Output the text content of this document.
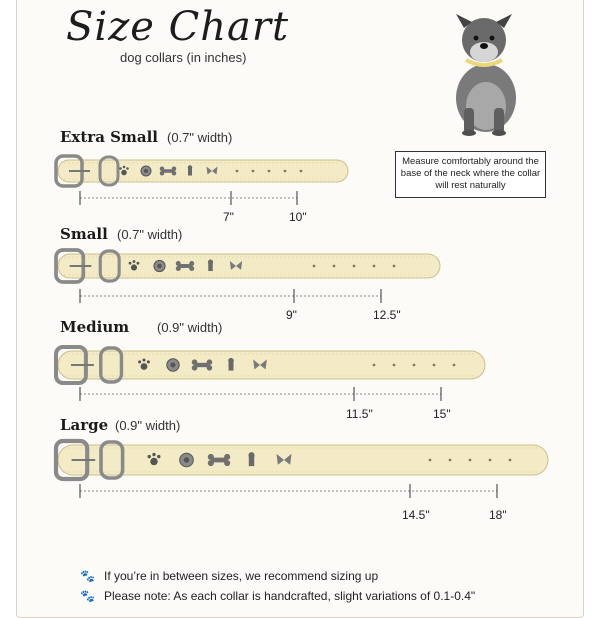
Size Chart
dog collars (in inches)
Measure comfortably around the base of the neck where the collar will rest naturally
Extra Small (0.7" width)
7"	10"
Small (0.7" width)
9"	12.5"
Medium (0.9" width)
11.5"	15"
Large (0.9" width)
14.5"	18"
🐾 If you’re in between sizes, we recommend sizing up
🐾 Please note: As each collar is handcrafted, slight variations of 0.1-0.4"
